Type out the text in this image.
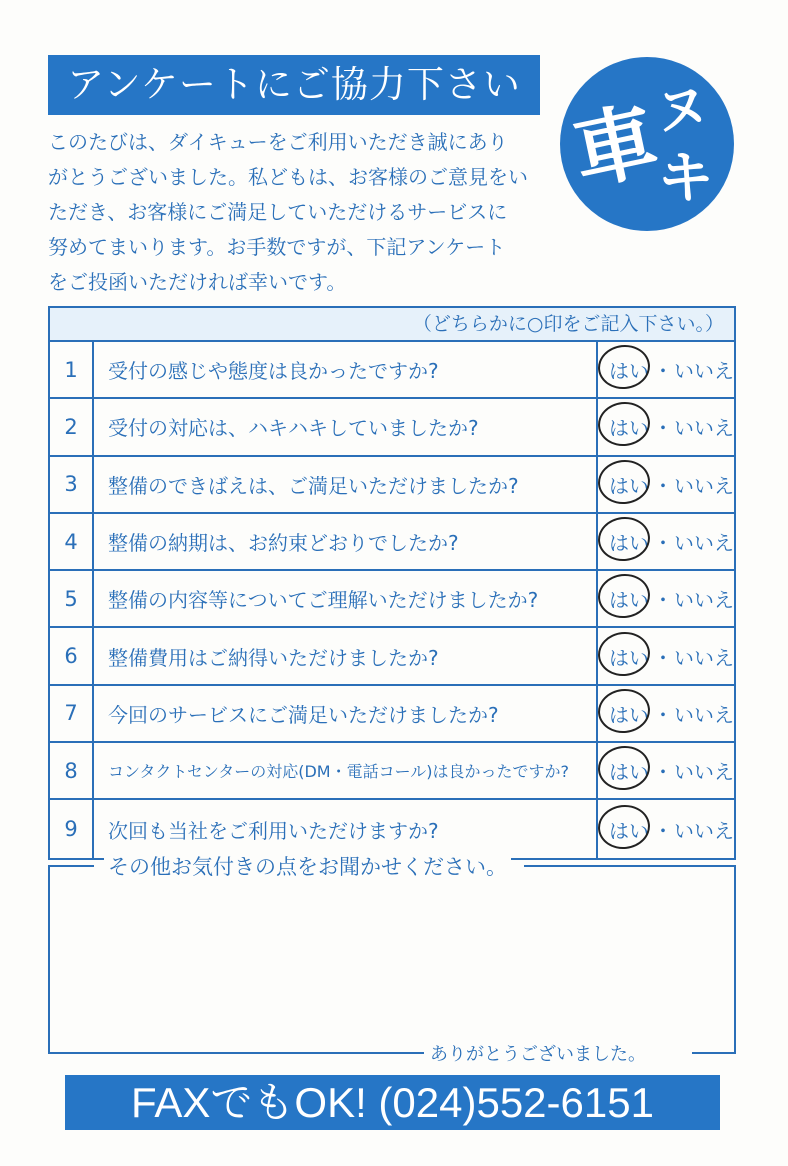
アンケートにご協力下さい
車
ヌ
キ

このたびは、ダイキューをご利用いただき誠にあり
がとうございました。私どもは、お客様のご意見をい
ただき、お客様にご満足していただけるサービスに
努めてまいります。お手数ですが、下記アンケート
をご投函いただければ幸いです。

（どちらかに○印をご記入下さい。）
1	受付の感じや態度は良かったですか?	はい ・ いいえ
2	受付の対応は、ハキハキしていましたか?	はい ・ いいえ
3	整備のできばえは、ご満足いただけましたか?	はい ・ いいえ
4	整備の納期は、お約束どおりでしたか?	はい ・ いいえ
5	整備の内容等についてご理解いただけましたか?	はい ・ いいえ
6	整備費用はご納得いただけましたか?	はい ・ いいえ
7	今回のサービスにご満足いただけましたか?	はい ・ いいえ
8	コンタクトセンターの対応(DM・電話コール)は良かったですか?	はい ・ いいえ
9	次回も当社をご利用いただけますか?	はい ・ いいえ
その他お気付きの点をお聞かせください。
ありがとうございました。
FAXでもOK! (024)552-6151
